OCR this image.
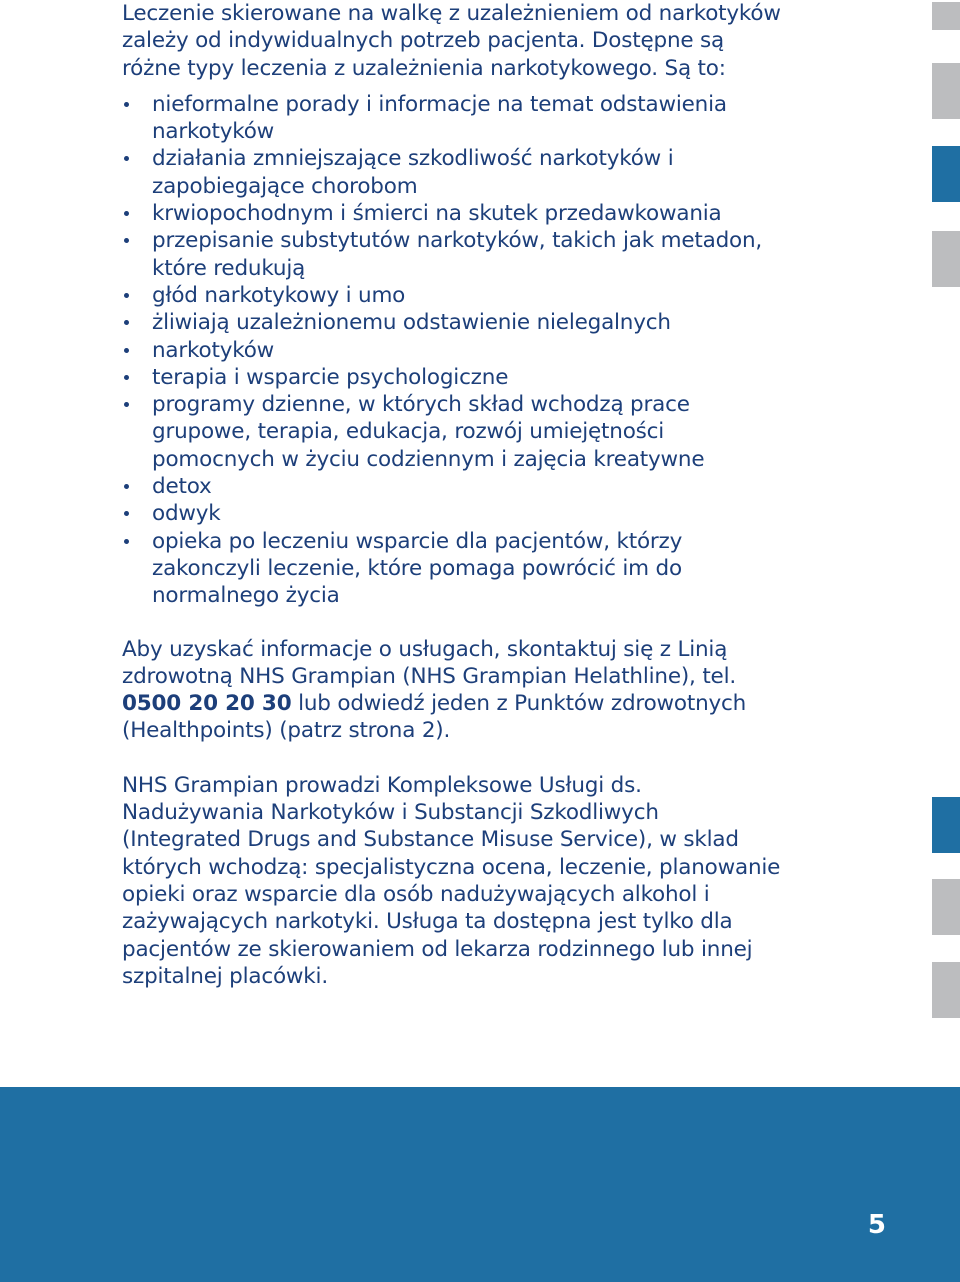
Leczenie skierowane na walkę z uzależnieniem od narkotyków zależy od indywidualnych potrzeb pacjenta. Dostępne są różne typy leczenia z uzależnienia narkotykowego. Są to:

nieformalne porady i informacje na temat odstawienia narkotyków
działania zmniejszające szkodliwość narkotyków i zapobiegające chorobom
krwiopochodnym i śmierci na skutek przedawkowania
przepisanie substytutów narkotyków, takich jak metadon, które redukują
głód narkotykowy i umo
żliwiają uzależnionemu odstawienie nielegalnych
narkotyków
terapia i wsparcie psychologiczne
programy dzienne, w których skład wchodzą prace grupowe, terapia, edukacja, rozwój umiejętności pomocnych w życiu codziennym i zajęcia kreatywne
detox
odwyk
opieka po leczeniu wsparcie dla pacjentów, którzy zakonczyli leczenie, które pomaga powrócić im do normalnego życia

Aby uzyskać informacje o usługach, skontaktuj się z Linią zdrowotną NHS Grampian (NHS Grampian Helathline), tel.
0500 20 20 30 lub odwiedź jeden z Punktów zdrowotnych (Healthpoints) (patrz strona 2).

NHS Grampian prowadzi Kompleksowe Usługi ds. Nadużywania Narkotyków i Substancji Szkodliwych (Integrated Drugs and Substance Misuse Service), w sklad których wchodzą: specjalistyczna ocena, leczenie, planowanie opieki oraz wsparcie dla osób nadużywających alkohol i zażywających narkotyki. Usługa ta dostępna jest tylko dla pacjentów ze skierowaniem od lekarza rodzinnego lub innej szpitalnej placówki.

5
